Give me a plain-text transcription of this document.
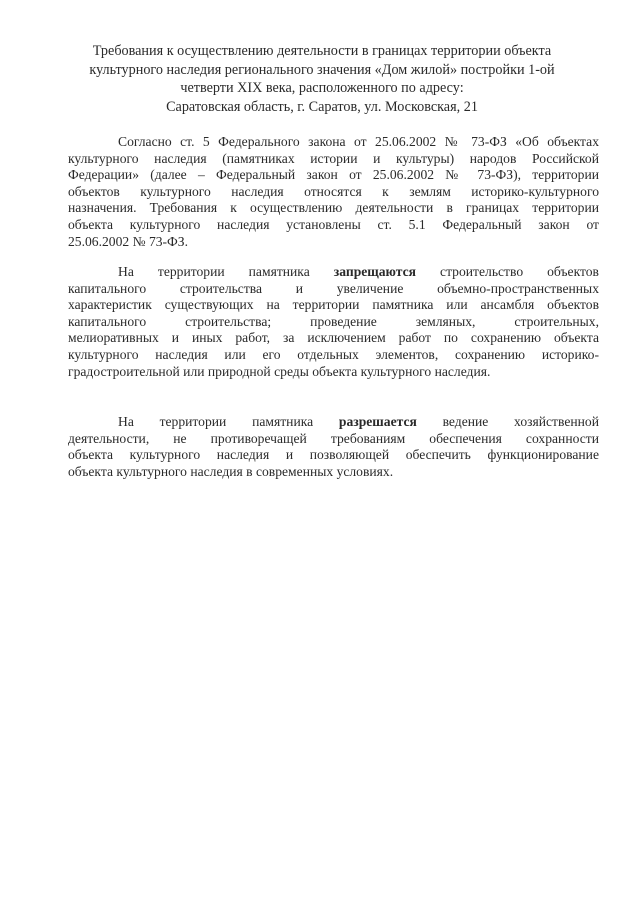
Требования к осуществлению деятельности в границах территории объекта
культурного наследия регионального значения «Дом жилой» постройки 1-ой
четверти XIX века, расположенного по адресу:
Саратовская область, г. Саратов, ул. Московская, 21
Согласно ст. 5 Федерального закона от 25.06.2002 № 73-ФЗ «Об объектах
культурного наследия (памятниках истории и культуры) народов Российской
Федерации» (далее – Федеральный закон от 25.06.2002 № 73-ФЗ), территории
объектов культурного наследия относятся к землям историко-культурного
назначения. Требования к осуществлению деятельности в границах территории
объекта культурного наследия установлены ст. 5.1 Федеральный закон от
25.06.2002 № 73-ФЗ.
На территории памятника запрещаются строительство объектов
капитального строительства и увеличение объемно-пространственных
характеристик существующих на территории памятника или ансамбля объектов
капитального строительства; проведение земляных, строительных,
мелиоративных и иных работ, за исключением работ по сохранению объекта
культурного наследия или его отдельных элементов, сохранению историко-
градостроительной или природной среды объекта культурного наследия.
На территории памятника разрешается ведение хозяйственной
деятельности, не противоречащей требованиям обеспечения сохранности
объекта культурного наследия и позволяющей обеспечить функционирование
объекта культурного наследия в современных условиях.
